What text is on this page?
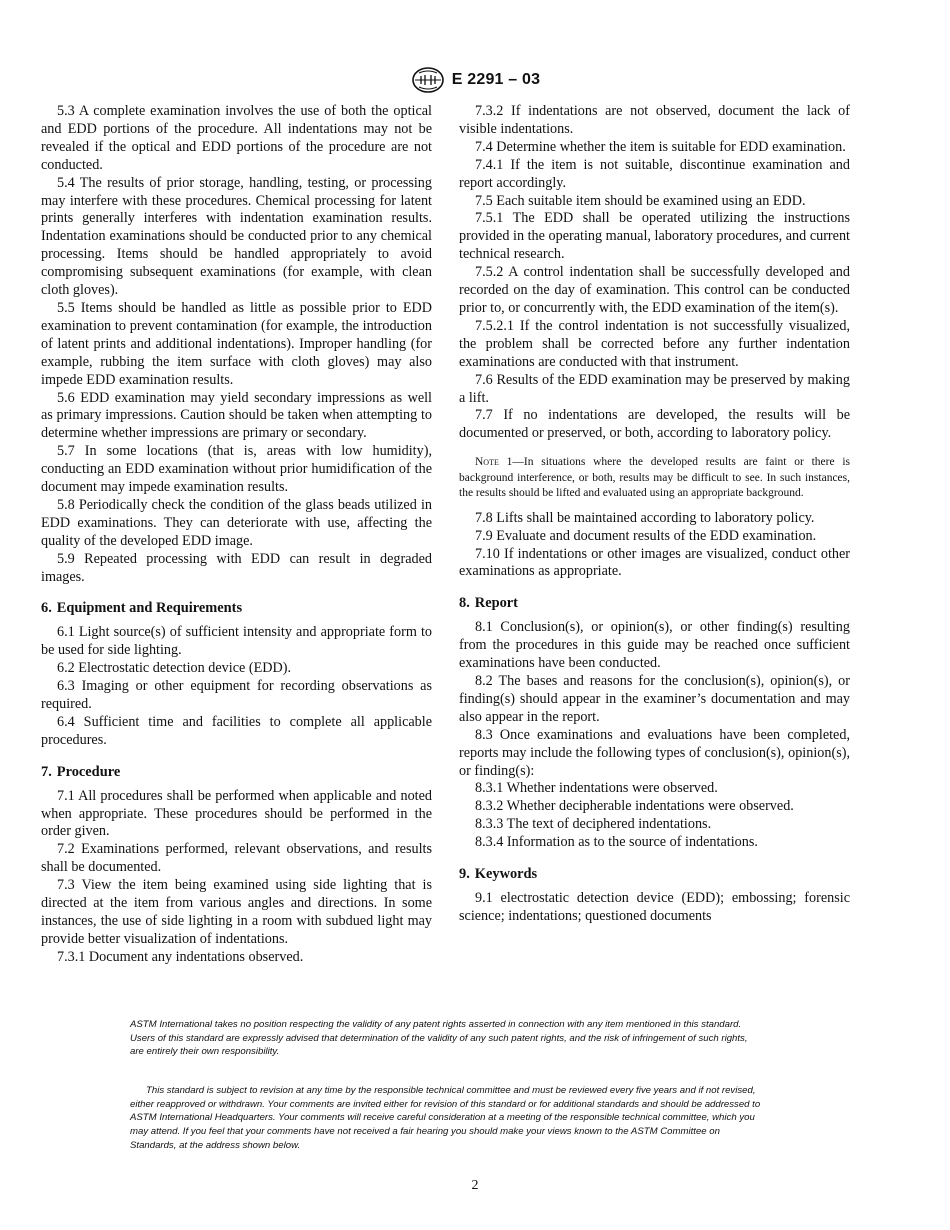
E 2291 – 03

5.3 A complete examination involves the use of both the optical and EDD portions of the procedure. All indentations may not be revealed if the optical and EDD portions of the procedure are not conducted.

5.4 The results of prior storage, handling, testing, or processing may interfere with these procedures. Chemical processing for latent prints generally interferes with indentation examination results. Indentation examinations should be conducted prior to any chemical processing. Items should be handled appropriately to avoid compromising subsequent examinations (for example, with clean cloth gloves).

5.5 Items should be handled as little as possible prior to EDD examination to prevent contamination (for example, the introduction of latent prints and additional indentations). Improper handling (for example, rubbing the item surface with cloth gloves) may also impede EDD examination results.

5.6 EDD examination may yield secondary impressions as well as primary impressions. Caution should be taken when attempting to determine whether impressions are primary or secondary.

5.7 In some locations (that is, areas with low humidity), conducting an EDD examination without prior humidification of the document may impede examination results.

5.8 Periodically check the condition of the glass beads utilized in EDD examinations. They can deteriorate with use, affecting the quality of the developed EDD image.

5.9 Repeated processing with EDD can result in degraded images.

6. Equipment and Requirements

6.1 Light source(s) of sufficient intensity and appropriate form to be used for side lighting.

6.2 Electrostatic detection device (EDD).

6.3 Imaging or other equipment for recording observations as required.

6.4 Sufficient time and facilities to complete all applicable procedures.

7. Procedure

7.1 All procedures shall be performed when applicable and noted when appropriate. These procedures should be performed in the order given.

7.2 Examinations performed, relevant observations, and results shall be documented.

7.3 View the item being examined using side lighting that is directed at the item from various angles and directions. In some instances, the use of side lighting in a room with subdued light may provide better visualization of indentations.

7.3.1 Document any indentations observed.

7.3.2 If indentations are not observed, document the lack of visible indentations.

7.4 Determine whether the item is suitable for EDD examination.

7.4.1 If the item is not suitable, discontinue examination and report accordingly.

7.5 Each suitable item should be examined using an EDD.

7.5.1 The EDD shall be operated utilizing the instructions provided in the operating manual, laboratory procedures, and current technical research.

7.5.2 A control indentation shall be successfully developed and recorded on the day of examination. This control can be conducted prior to, or concurrently with, the EDD examination of the item(s).

7.5.2.1 If the control indentation is not successfully visualized, the problem shall be corrected before any further indentation examinations are conducted with that instrument.

7.6 Results of the EDD examination may be preserved by making a lift.

7.7 If no indentations are developed, the results will be documented or preserved, or both, according to laboratory policy.

Note 1—In situations where the developed results are faint or there is background interference, or both, results may be difficult to see. In such instances, the results should be lifted and evaluated using an appropriate background.

7.8 Lifts shall be maintained according to laboratory policy.

7.9 Evaluate and document results of the EDD examination.

7.10 If indentations or other images are visualized, conduct other examinations as appropriate.

8. Report

8.1 Conclusion(s), or opinion(s), or other finding(s) resulting from the procedures in this guide may be reached once sufficient examinations have been conducted.

8.2 The bases and reasons for the conclusion(s), opinion(s), or finding(s) should appear in the examiner’s documentation and may also appear in the report.

8.3 Once examinations and evaluations have been completed, reports may include the following types of conclusion(s), opinion(s), or finding(s):

8.3.1 Whether indentations were observed.

8.3.2 Whether decipherable indentations were observed.

8.3.3 The text of deciphered indentations.

8.3.4 Information as to the source of indentations.

9. Keywords

9.1 electrostatic detection device (EDD); embossing; forensic science; indentations; questioned documents

ASTM International takes no position respecting the validity of any patent rights asserted in connection with any item mentioned in this standard. Users of this standard are expressly advised that determination of the validity of any such patent rights, and the risk of infringement of such rights, are entirely their own responsibility.

This standard is subject to revision at any time by the responsible technical committee and must be reviewed every five years and if not revised, either reapproved or withdrawn. Your comments are invited either for revision of this standard or for additional standards and should be addressed to ASTM International Headquarters. Your comments will receive careful consideration at a meeting of the responsible technical committee, which you may attend. If you feel that your comments have not received a fair hearing you should make your views known to the ASTM Committee on Standards, at the address shown below.

2
